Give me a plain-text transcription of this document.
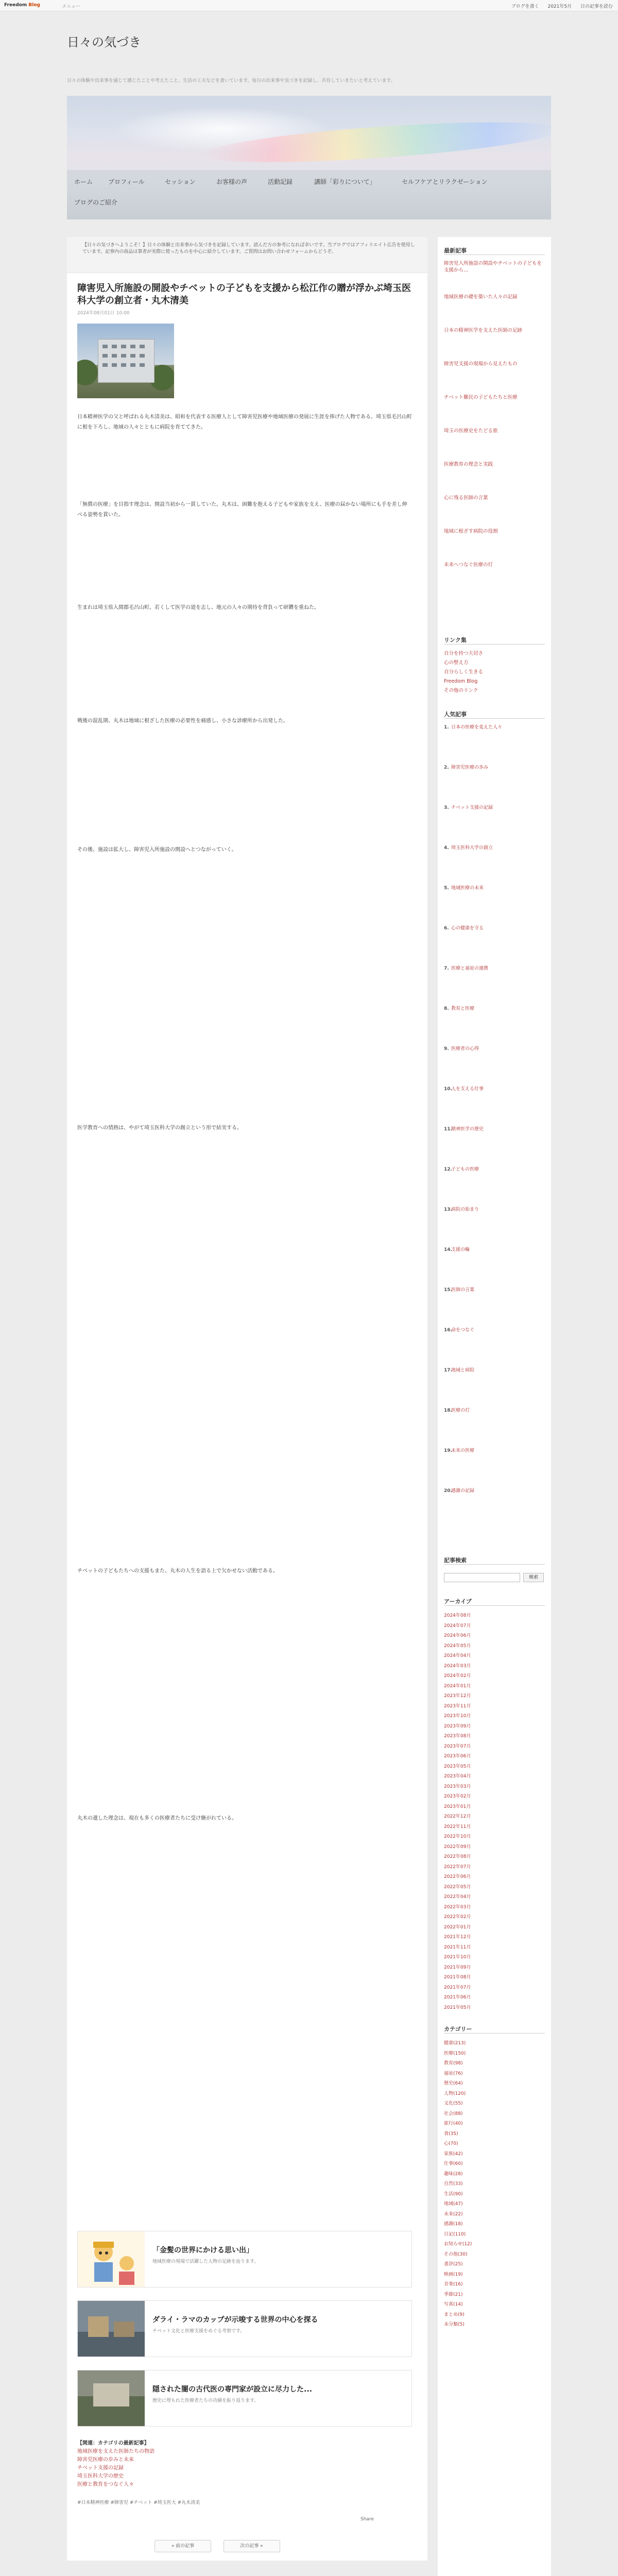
Freedom Blog	メニュー	ブログを書く 2021年5月 日の記事を読む
日々の気づき
日々の体験や出来事を通じて感じたことや考えたこと、生活の工夫などを書いています。毎日の出来事や気づきを記録し、共有していきたいと考えています。
ホーム プロフィール	セッション	お客様の声	活動記録	講師「彩りについて」	セルフケアとリラクゼーション
ブログのご紹介
【日々の気づきへようこそ！】日々の体験と出来事から気づきを記録しています。読んだ方の参考になれば幸いです。当ブログではアフィリエイト広告を使用しています。記事内の商品は筆者が実際に使ったものを中心に紹介しています。ご質問はお問い合わせフォームからどうぞ。
障害児入所施設の開設やチベットの子どもを支援から松江作の贈が浮かぶ埼玉医科大学の創立者・丸木清美
2024年08月01日 10:00
日本精神医学の父と呼ばれる丸木清美は、昭和を代表する医療人として障害児医療や地域医療の発展に生涯を捧げた人物である。埼玉県毛呂山町に根を下ろし、地域の人々とともに病院を育ててきた。
「無償の医療」を目指す理念は、開設当初から一貫していた。丸木は、困難を抱える子どもや家族を支え、医療の届かない場所にも手を差し伸べる姿勢を貫いた。
生まれは埼玉県入間郡毛呂山町。若くして医学の道を志し、地元の人々の期待を背負って研鑽を重ねた。
戦後の混乱期、丸木は地域に根ざした医療の必要性を痛感し、小さな診療所から出発した。
その後、施設は拡大し、障害児入所施設の開設へとつながっていく。
医学教育への情熱は、やがて埼玉医科大学の創立という形で結実する。
チベットの子どもたちへの支援もまた、丸木の人生を語る上で欠かせない活動である。
丸木の遺した理念は、現在も多くの医療者たちに受け継がれている。
「金髪の世界にかける思い出」
地域医療の現場で活躍した人物の足跡を辿ります。
ダライ・ラマのカップが示唆する世界の中心を探る
チベット文化と医療支援をめぐる考察です。
隠された闇の古代医の専門家が設立に尽力した...
歴史に埋もれた医療者たちの功績を振り返ります。
【関連：カテゴリの最新記事】
地域医療を支えた医師たちの物語
障害児医療の歩みと未来
チベット支援の記録
埼玉医科大学の歴史
医療と教育をつなぐ人々
#日本精神医療 #障害児 #チベット #埼玉医大 #丸木清美
Share
« 前の記事	次の記事 »
最新記事
障害児入所施設の開設やチベットの子どもを支援から…
地域医療の礎を築いた人々の記録
日本の精神医学を支えた医師の足跡
障害児支援の現場から見えたもの
チベット難民の子どもたちと医療
埼玉の医療史をたどる旅
医療教育の理念と実践
心に残る医師の言葉
地域に根ざす病院の役割
未来へつなぐ医療の灯
リンク集
自分を持つ大切さ
心の整え方
自分らしく生きる
Freedom Blog
その他のリンク
人気記事
1. 日本の医療を変えた人々
2. 障害児医療の歩み
3. チベット支援の記録
4. 埼玉医科大学の創立
5. 地域医療の未来
6. 心の健康を守る
7. 医療と福祉の連携
8. 教育と医療
9. 医療者の心得
10.人を支える仕事
11.精神医学の歴史
12.子どもの医療
13.病院の始まり
14.支援の輪
15.医師の言葉
16.命をつなぐ
17.地域と病院
18.医療の灯
19.未来の医療
20.感謝の記録
記事検索
検索
アーカイブ
2024年08月
2024年07月
2024年06月
2024年05月
2024年04月
2024年03月
2024年02月
2024年01月
2023年12月
2023年11月
2023年10月
2023年09月
2023年08月
2023年07月
2023年06月
2023年05月
2023年04月
2023年03月
2023年02月
2023年01月
2022年12月
2022年11月
2022年10月
2022年09月
2022年08月
2022年07月
2022年06月
2022年05月
2022年04月
2022年03月
2022年02月
2022年01月
2021年12月
2021年11月
2021年10月
2021年09月
2021年08月
2021年07月
2021年06月
2021年05月
カテゴリー
健康(213)
医療(150)
教育(98)
福祉(76)
歴史(64)
人物(120)
文化(55)
社会(88)
旅行(40)
食(35)
心(70)
家族(42)
仕事(60)
趣味(28)
自然(33)
生活(90)
地域(47)
未来(22)
感謝(18)
日記(110)
お知らせ(12)
その他(30)
書評(25)
映画(19)
音楽(16)
季節(21)
写真(14)
まとめ(9)
未分類(5)
